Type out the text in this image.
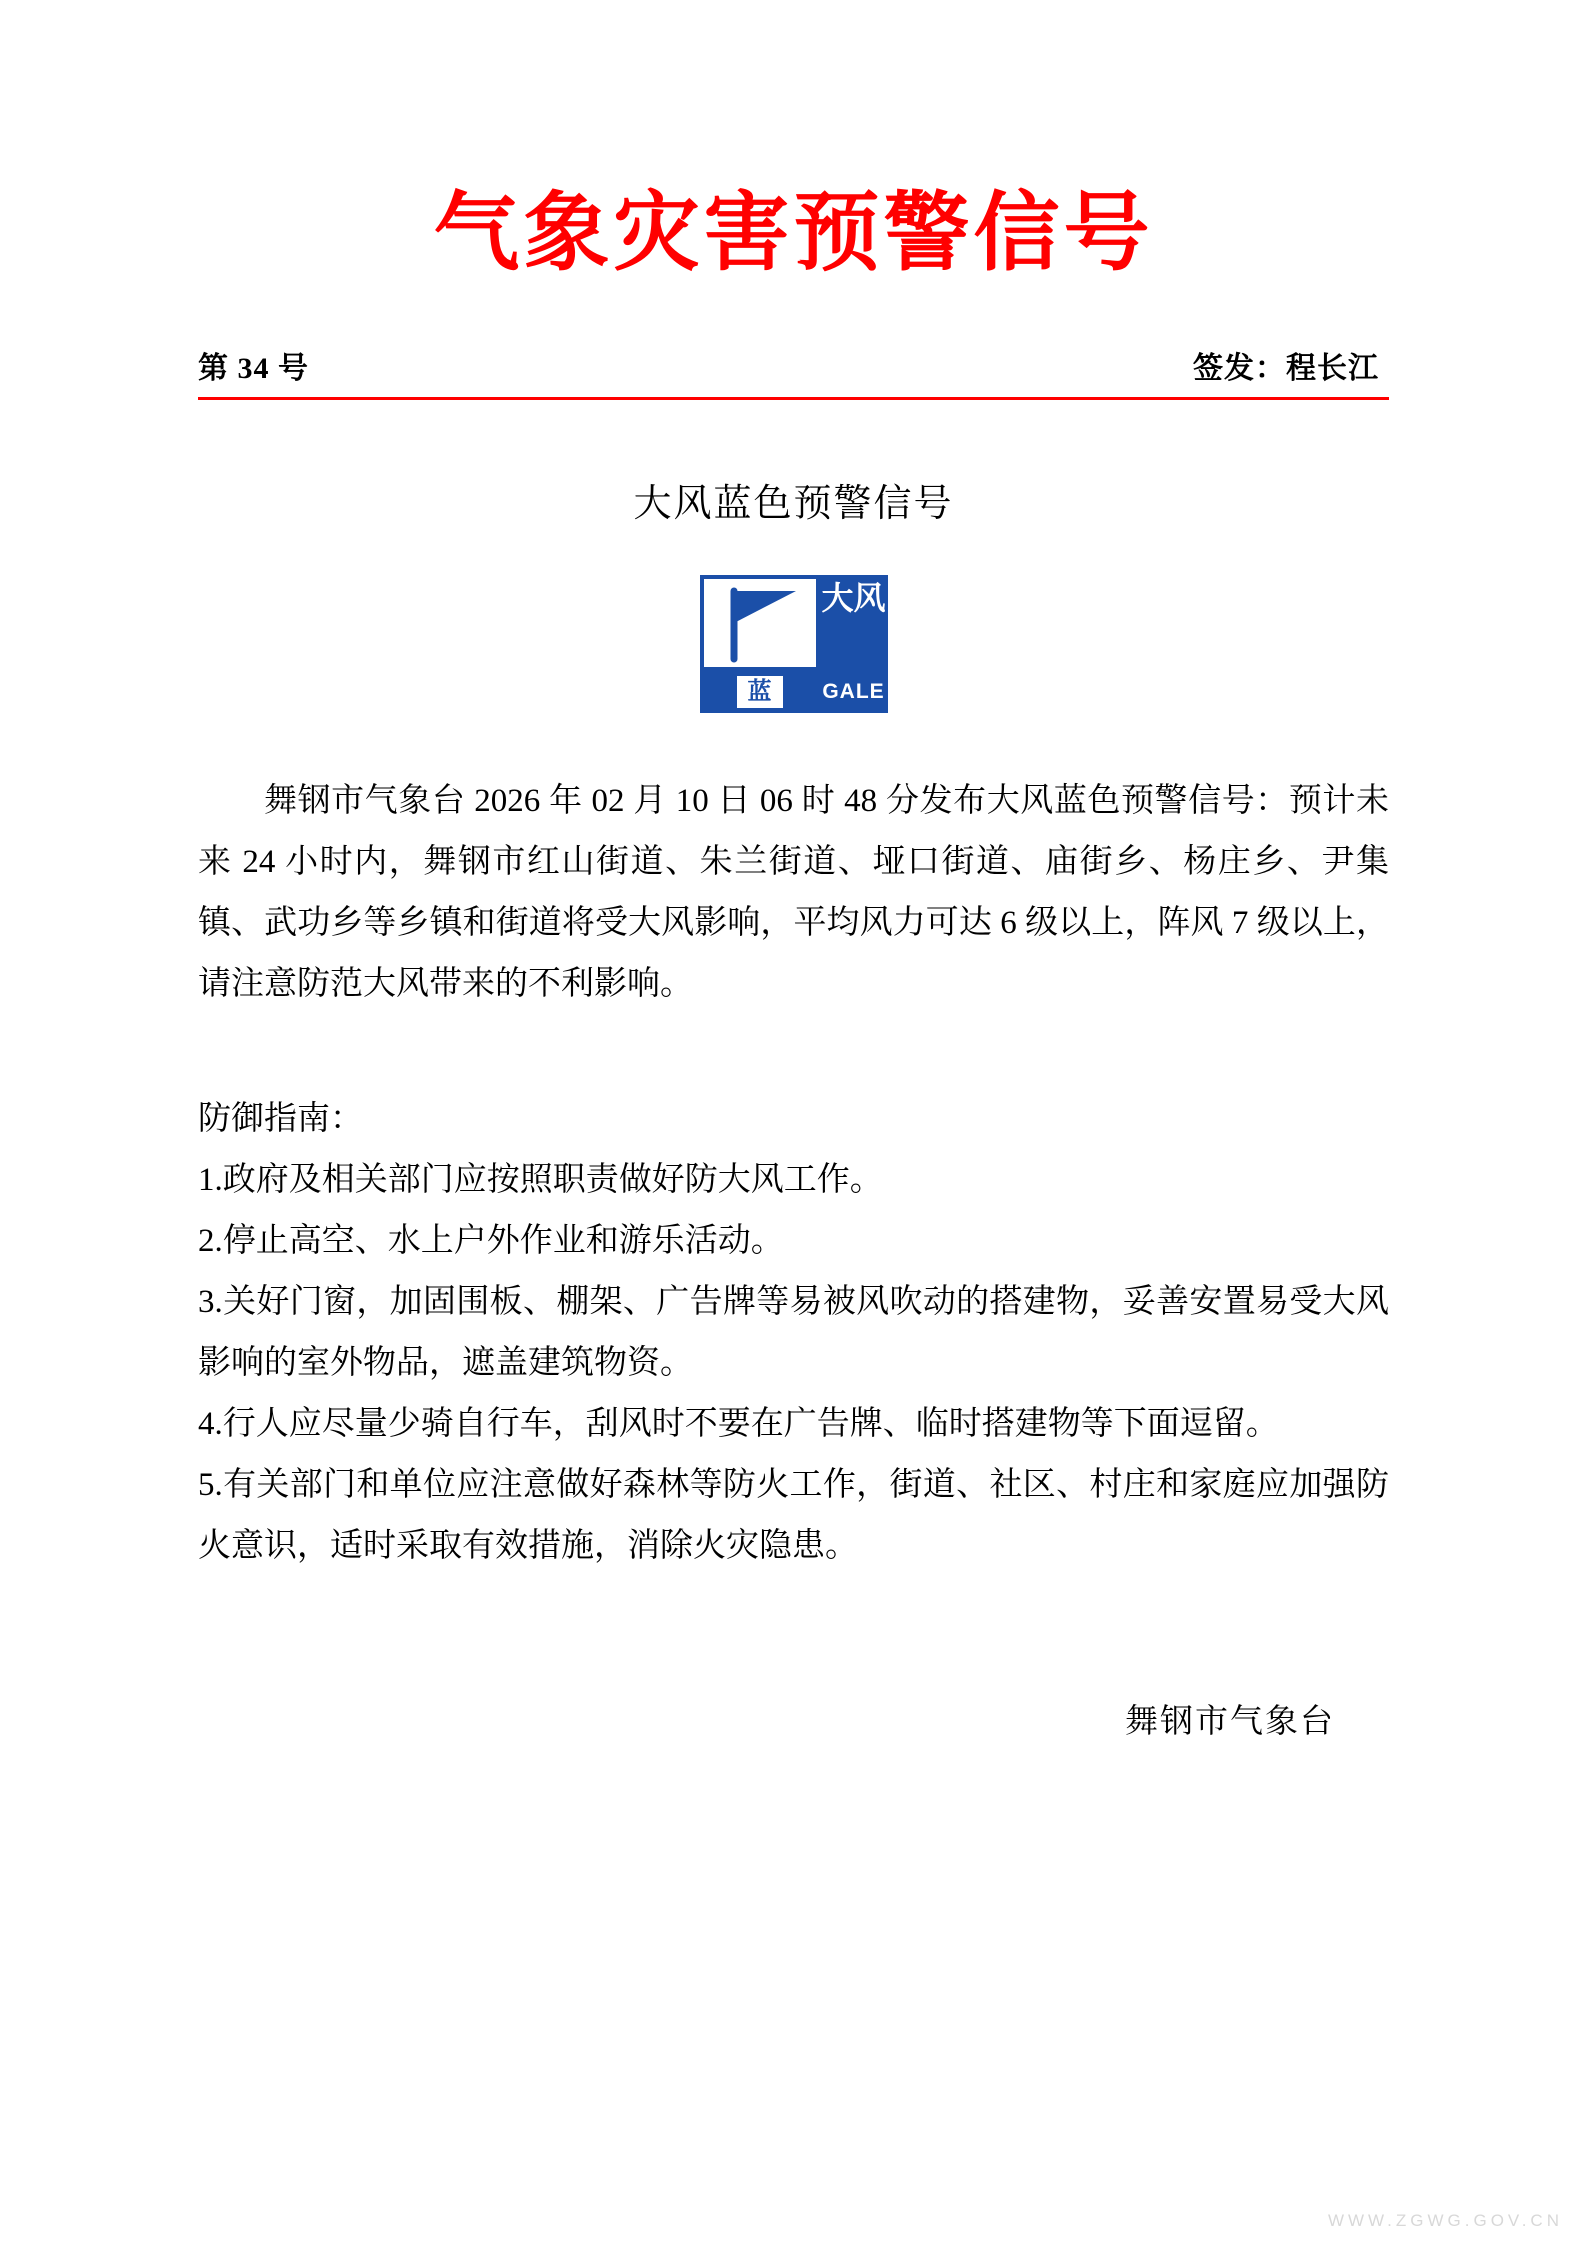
气象灾害预警信号
第 34 号	签发：程长江
大风蓝色预警信号
大风
蓝	GALE

舞钢市气象台 2026 年 02 月 10 日 06 时 48 分发布大风蓝色预警信号：预计未来 24 小时内，舞钢市红山街道、朱兰街道、垭口街道、庙街乡、杨庄乡、尹集镇、武功乡等乡镇和街道将受大风影响，平均风力可达 6 级以上，阵风 7 级以上，请注意防范大风带来的不利影响。

防御指南：

1.政府及相关部门应按照职责做好防大风工作。

2.停止高空、水上户外作业和游乐活动。

3.关好门窗，加固围板、棚架、广告牌等易被风吹动的搭建物，妥善安置易受大风影响的室外物品，遮盖建筑物资。

4.行人应尽量少骑自行车，刮风时不要在广告牌、临时搭建物等下面逗留。

5.有关部门和单位应注意做好森林等防火工作，街道、社区、村庄和家庭应加强防火意识，适时采取有效措施，消除火灾隐患。

舞钢市气象台
WWW.ZGWG.GOV.CN
